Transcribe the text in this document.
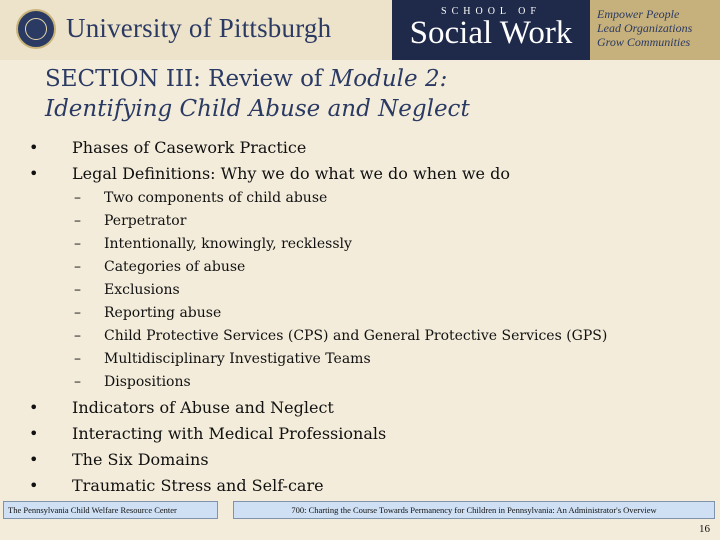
University of Pittsburgh
SCHOOL OF
Social Work
Empower People
Lead Organizations
Grow Communities
SECTION III: Review of Module 2:
Identifying Child Abuse and Neglect
• Phases of Casework Practice
• Legal Definitions: Why we do what we do when we do
– Two components of child abuse
– Perpetrator
– Intentionally, knowingly, recklessly
– Categories of abuse
– Exclusions
– Reporting abuse
– Child Protective Services (CPS) and General Protective Services (GPS)
– Multidisciplinary Investigative Teams
– Dispositions
• Indicators of Abuse and Neglect
• Interacting with Medical Professionals
• The Six Domains
• Traumatic Stress and Self-care
The Pennsylvania Child Welfare Resource Center	700: Charting the Course Towards Permanency for Children in Pennsylvania: An Administrator's Overview
16
